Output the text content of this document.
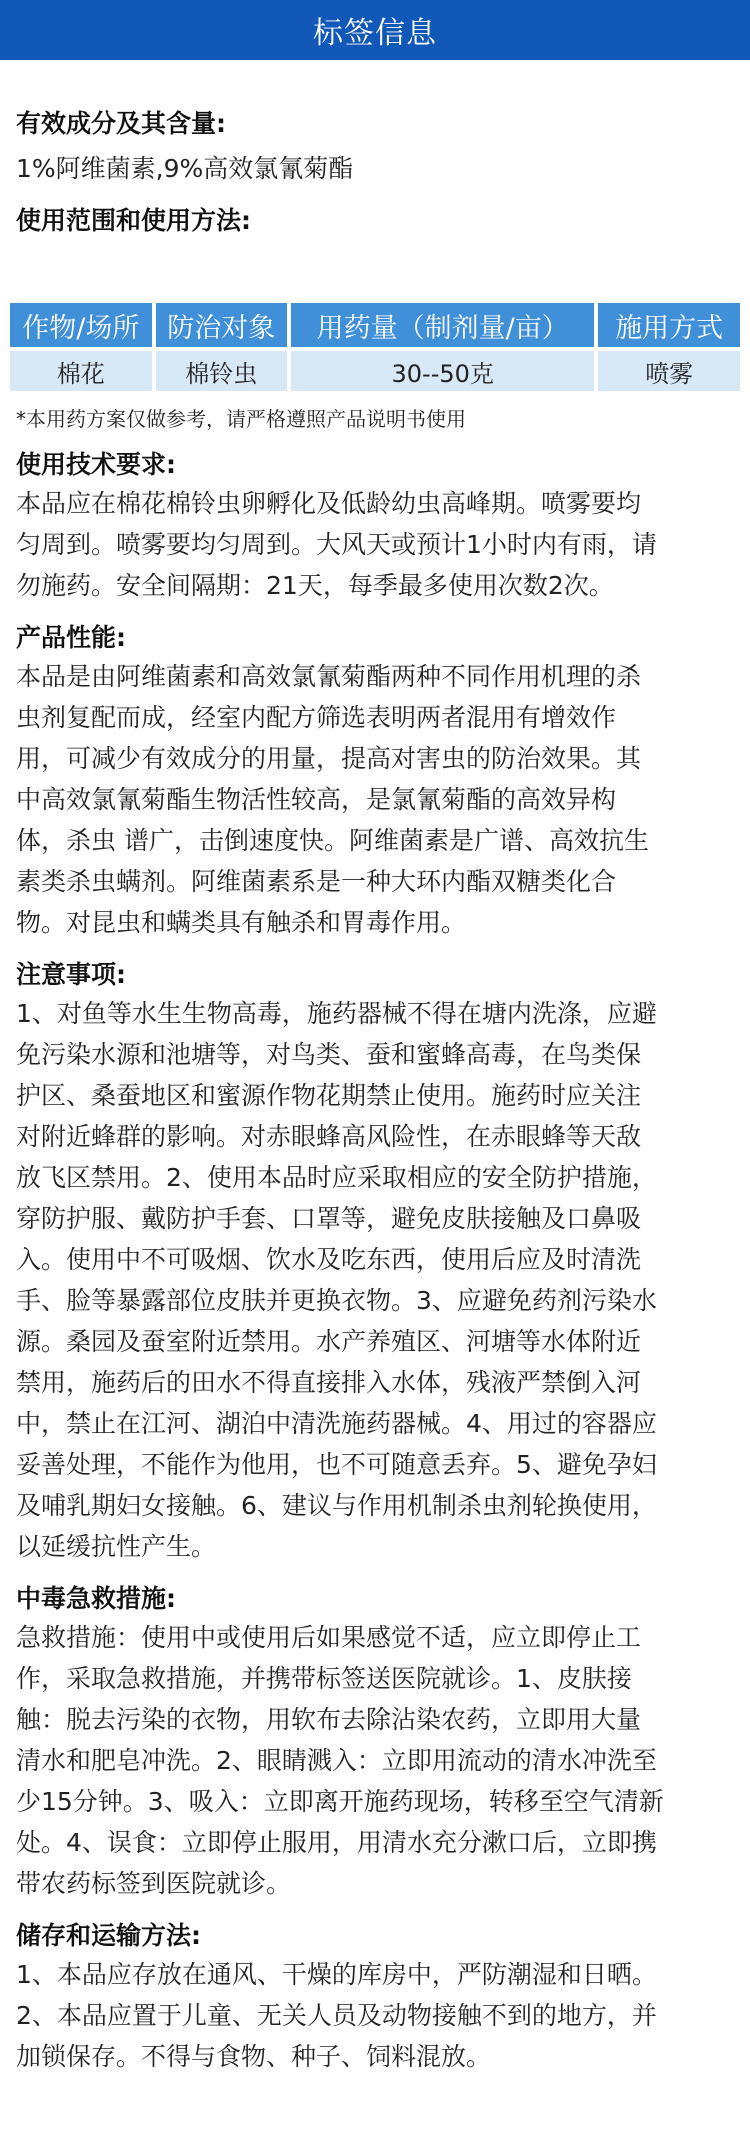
标签信息

有效成分及其含量:

1%阿维菌素,9%高效氯氰菊酯

使用范围和使用方法:

作物/场所	防治对象	用药量（制剂量/亩）	施用方式
棉花	棉铃虫	30--50克	喷雾

*本用药方案仅做参考，请严格遵照产品说明书使用

使用技术要求:

本品应在棉花棉铃虫卵孵化及低龄幼虫高峰期。喷雾要均

匀周到。喷雾要均匀周到。大风天或预计1小时内有雨，请

勿施药。安全间隔期：21天，每季最多使用次数2次。

产品性能:

本品是由阿维菌素和高效氯氰菊酯两种不同作用机理的杀

虫剂复配而成，经室内配方筛选表明两者混用有增效作

用，可减少有效成分的用量，提高对害虫的防治效果。其

中高效氯氰菊酯生物活性较高，是氯氰菊酯的高效异构

体，杀虫 谱广，击倒速度快。阿维菌素是广谱、高效抗生

素类杀虫螨剂。阿维菌素系是一种大环内酯双糖类化合

物。对昆虫和螨类具有触杀和胃毒作用。

注意事项:

1、对鱼等水生生物高毒，施药器械不得在塘内洗涤，应避

免污染水源和池塘等，对鸟类、蚕和蜜蜂高毒，在鸟类保

护区、桑蚕地区和蜜源作物花期禁止使用。施药时应关注

对附近蜂群的影响。对赤眼蜂高风险性，在赤眼蜂等天敌

放飞区禁用。2、使用本品时应采取相应的安全防护措施，

穿防护服、戴防护手套、口罩等，避免皮肤接触及口鼻吸

入。使用中不可吸烟、饮水及吃东西，使用后应及时清洗

手、脸等暴露部位皮肤并更换衣物。3、应避免药剂污染水

源。桑园及蚕室附近禁用。水产养殖区、河塘等水体附近

禁用，施药后的田水不得直接排入水体，残液严禁倒入河

中，禁止在江河、湖泊中清洗施药器械。4、用过的容器应

妥善处理，不能作为他用，也不可随意丢弃。5、避免孕妇

及哺乳期妇女接触。6、建议与作用机制杀虫剂轮换使用，

以延缓抗性产生。

中毒急救措施:

急救措施：使用中或使用后如果感觉不适，应立即停止工

作，采取急救措施，并携带标签送医院就诊。1、皮肤接

触：脱去污染的衣物，用软布去除沾染农药，立即用大量

清水和肥皂冲洗。2、眼睛溅入：立即用流动的清水冲洗至

少15分钟。3、吸入：立即离开施药现场，转移至空气清新

处。4、误食：立即停止服用，用清水充分漱口后，立即携

带农药标签到医院就诊。

储存和运输方法:

1、本品应存放在通风、干燥的库房中，严防潮湿和日晒。

2、本品应置于儿童、无关人员及动物接触不到的地方，并

加锁保存。不得与食物、种子、饲料混放。
